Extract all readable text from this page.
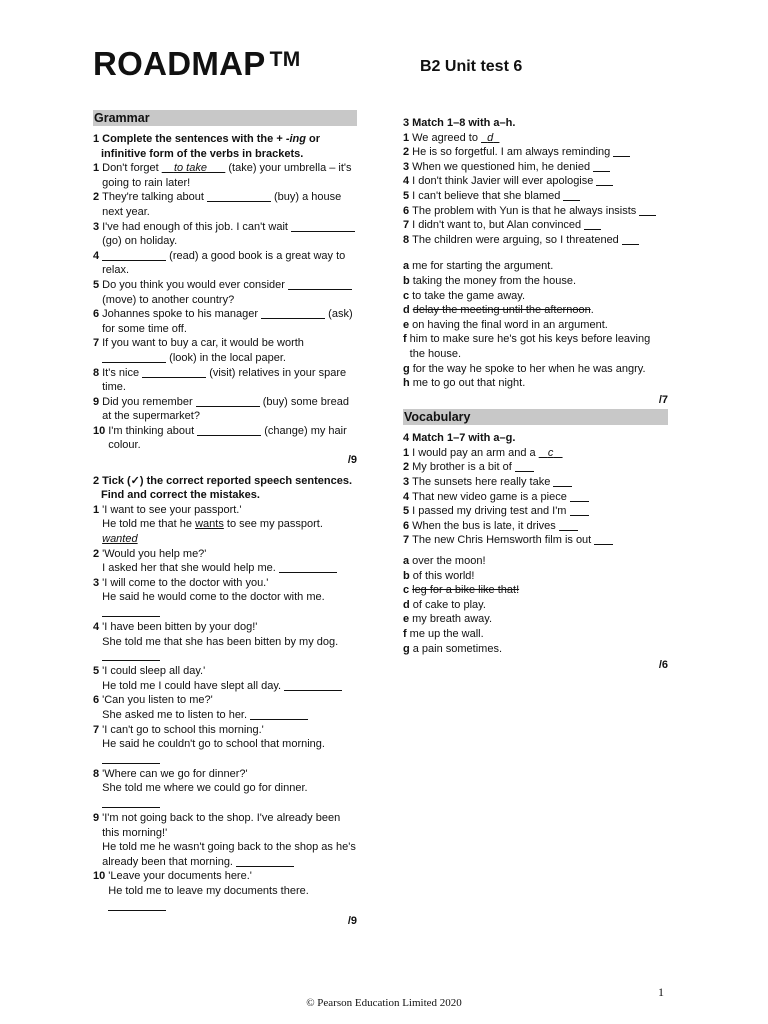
ROADMAP ™	B2 Unit test 6
Grammar
1 Complete the sentences with the + -ing or infinitive form of the verbs in brackets.
1 Don't forget     to take       (take) your umbrella – it's going to rain later!
2 They're talking about	(buy) a house next year.
3 I've had enough of this job. I can't wait  (go) on holiday.
4	(read) a good book is a great way to relax.
5 Do you think you would ever consider  (move) to another country?
6 Johannes spoke to his manager	(ask) for some time off.
7 If you want to buy a car, it would be worth  (look) in the local paper.
8 It's nice	(visit) relatives in your spare time.
9 Did you remember	(buy) some bread at the supermarket?
10 I'm thinking about	(change) my hair colour.
/9
2 Tick (✓) the correct reported speech sentences. Find and correct the mistakes.
1 'I want to see your passport.'
He told me that he wants to see my passport.
wanted
2 'Would you help me?'
I asked her that she would help me.
3 'I will come to the doctor with you.'
He said he would come to the doctor with me.
4 'I have been bitten by your dog!'
She told me that she has been bitten by my dog.
5 'I could sleep all day.'
He told me I could have slept all day.
6 'Can you listen to me?'
She asked me to listen to her.
7 'I can't go to school this morning.'
He said he couldn't go to school that morning.
8 'Where can we go for dinner?'
She told me where we could go for dinner.
9 'I'm not going back to the shop. I've already been this morning!'
He told me he wasn't going back to the shop as he's already been that morning.
10 'Leave your documents here.'
He told me to leave my documents there.
/9
3 Match 1–8 with a–h.
1 We agreed to   d
2 He is so forgetful. I am always reminding
3 When we questioned him, he denied
4 I don't think Javier will ever apologise
5 I can't believe that she blamed
6 The problem with Yun is that he always insists
7 I didn't want to, but Alan convinced
8 The children were arguing, so I threatened
a me for starting the argument.
b taking the money from the house.
c to take the game away.
d delay the meeting until the afternoon.
e on having the final word in an argument.
f him to make sure he's got his keys before leaving the house.
g for the way he spoke to her when he was angry.
h me to go out that night.
/7
Vocabulary
4 Match 1–7 with a–g.
1 I would pay an arm and a    c
2 My brother is a bit of
3 The sunsets here really take
4 That new video game is a piece
5 I passed my driving test and I'm
6 When the bus is late, it drives
7 The new Chris Hemsworth film is out
a over the moon!
b of this world!
c leg for a bike like that!
d of cake to play.
e my breath away.
f me up the wall.
g a pain sometimes.
/6
1
© Pearson Education Limited 2020
